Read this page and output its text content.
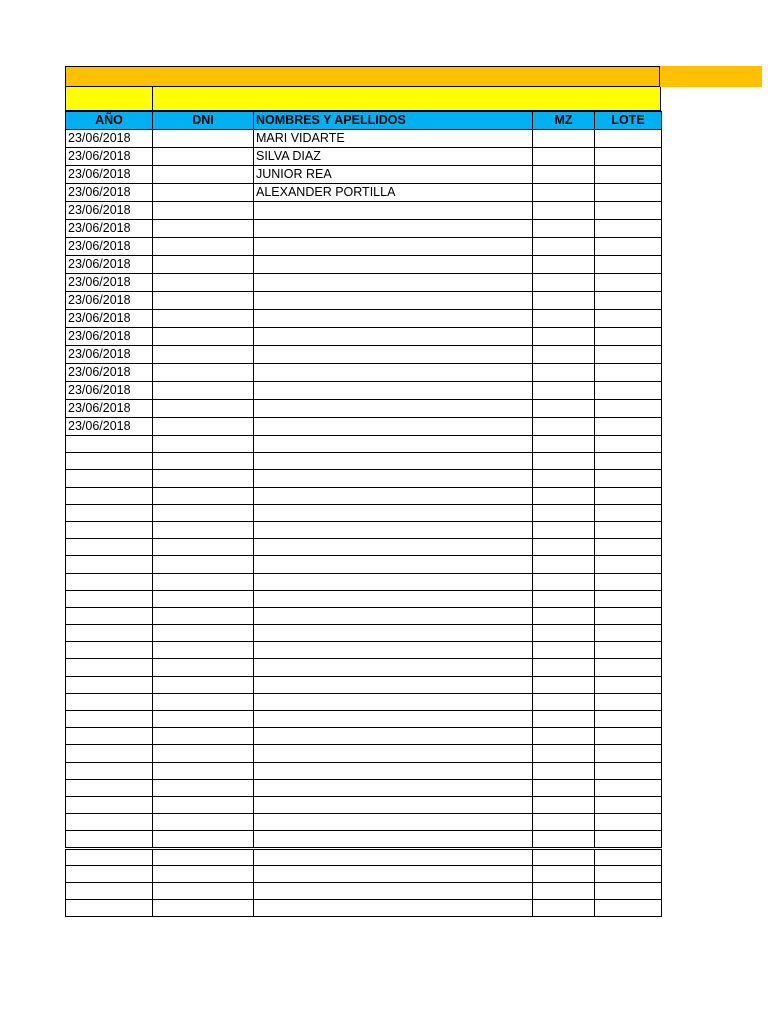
AÑO	DNI	NOMBRES Y APELLIDOS	MZ	LOTE
23/06/2018		MARI VIDARTE		
23/06/2018		SILVA DIAZ		
23/06/2018		JUNIOR REA		
23/06/2018		ALEXANDER PORTILLA		
23/06/2018				
23/06/2018				
23/06/2018				
23/06/2018				
23/06/2018				
23/06/2018				
23/06/2018				
23/06/2018				
23/06/2018				
23/06/2018				
23/06/2018				
23/06/2018				
23/06/2018				
